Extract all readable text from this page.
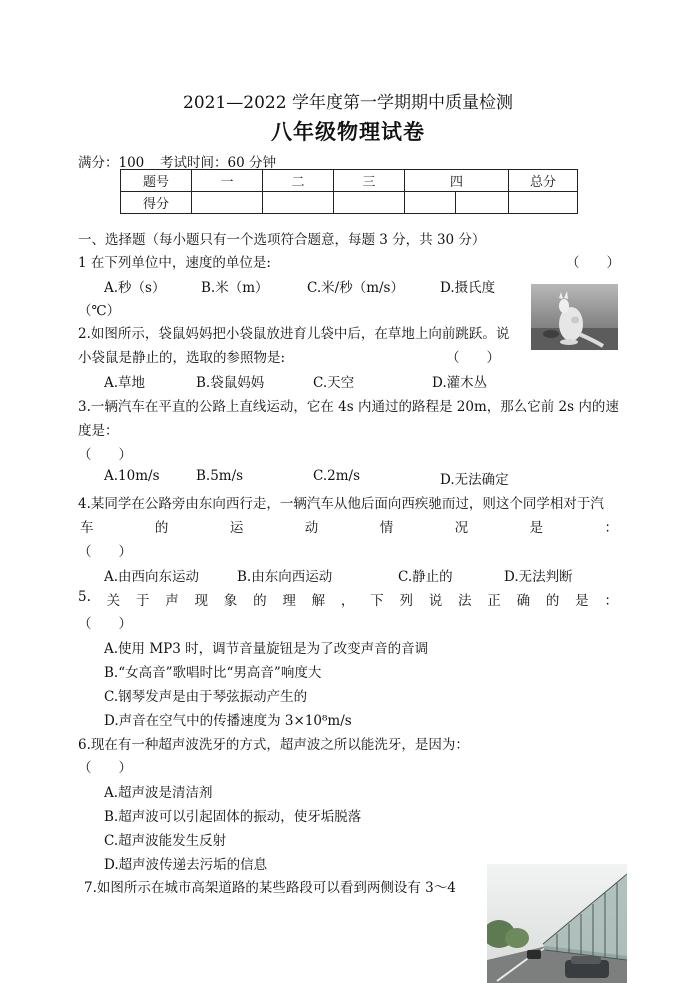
2021—2022 学年度第一学期期中质量检测
八年级物理试卷
满分：100 考试时间：60 分钟
题号	一	二	三	四		总分
得分						
一、选择题（每小题只有一个选项符合题意，每题 3 分，共 30 分）
1 在下列单位中，速度的单位是:	（　　）
A.秒（s）	B.米（m）	C.米/秒（m/s）	D.摄氏度
（℃）
2.如图所示，袋鼠妈妈把小袋鼠放进育儿袋中后，在草地上向前跳跃。说
小袋鼠是静止的，选取的参照物是:	（　　）
A.草地	B.袋鼠妈妈	C.天空	D.灌木丛
3.一辆汽车在平直的公路上直线运动，它在 4s 内通过的路程是 20m，那么它前 2s 内的速
度是：
（　　）
A.10m/s	B.5m/s	C.2m/s	D.无法确定
4.某同学在公路旁由东向西行走，一辆汽车从他后面向西疾驰而过，则这个同学相对于汽
车	的	运	动	情	况	是	：
（　　）
A.由西向东运动	B.由东向西运动	C.静止的	D.无法判断
5. 关 于 声 现 象 的 理 解 ， 下 列 说 法 正 确 的 是 ：
（　　）
A.使用 MP3 时，调节音量旋钮是为了改变声音的音调
B.“女高音”歌唱时比“男高音”响度大
C.钢琴发声是由于琴弦振动产生的
D.声音在空气中的传播速度为 3×10⁸m/s
6.现在有一种超声波洗牙的方式，超声波之所以能洗牙，是因为：
（　　）
A.超声波是清洁剂
B.超声波可以引起固体的振动，使牙垢脱落
C.超声波能发生反射
D.超声波传递去污垢的信息
7.如图所示在城市高架道路的某些路段可以看到两侧设有 3～4
